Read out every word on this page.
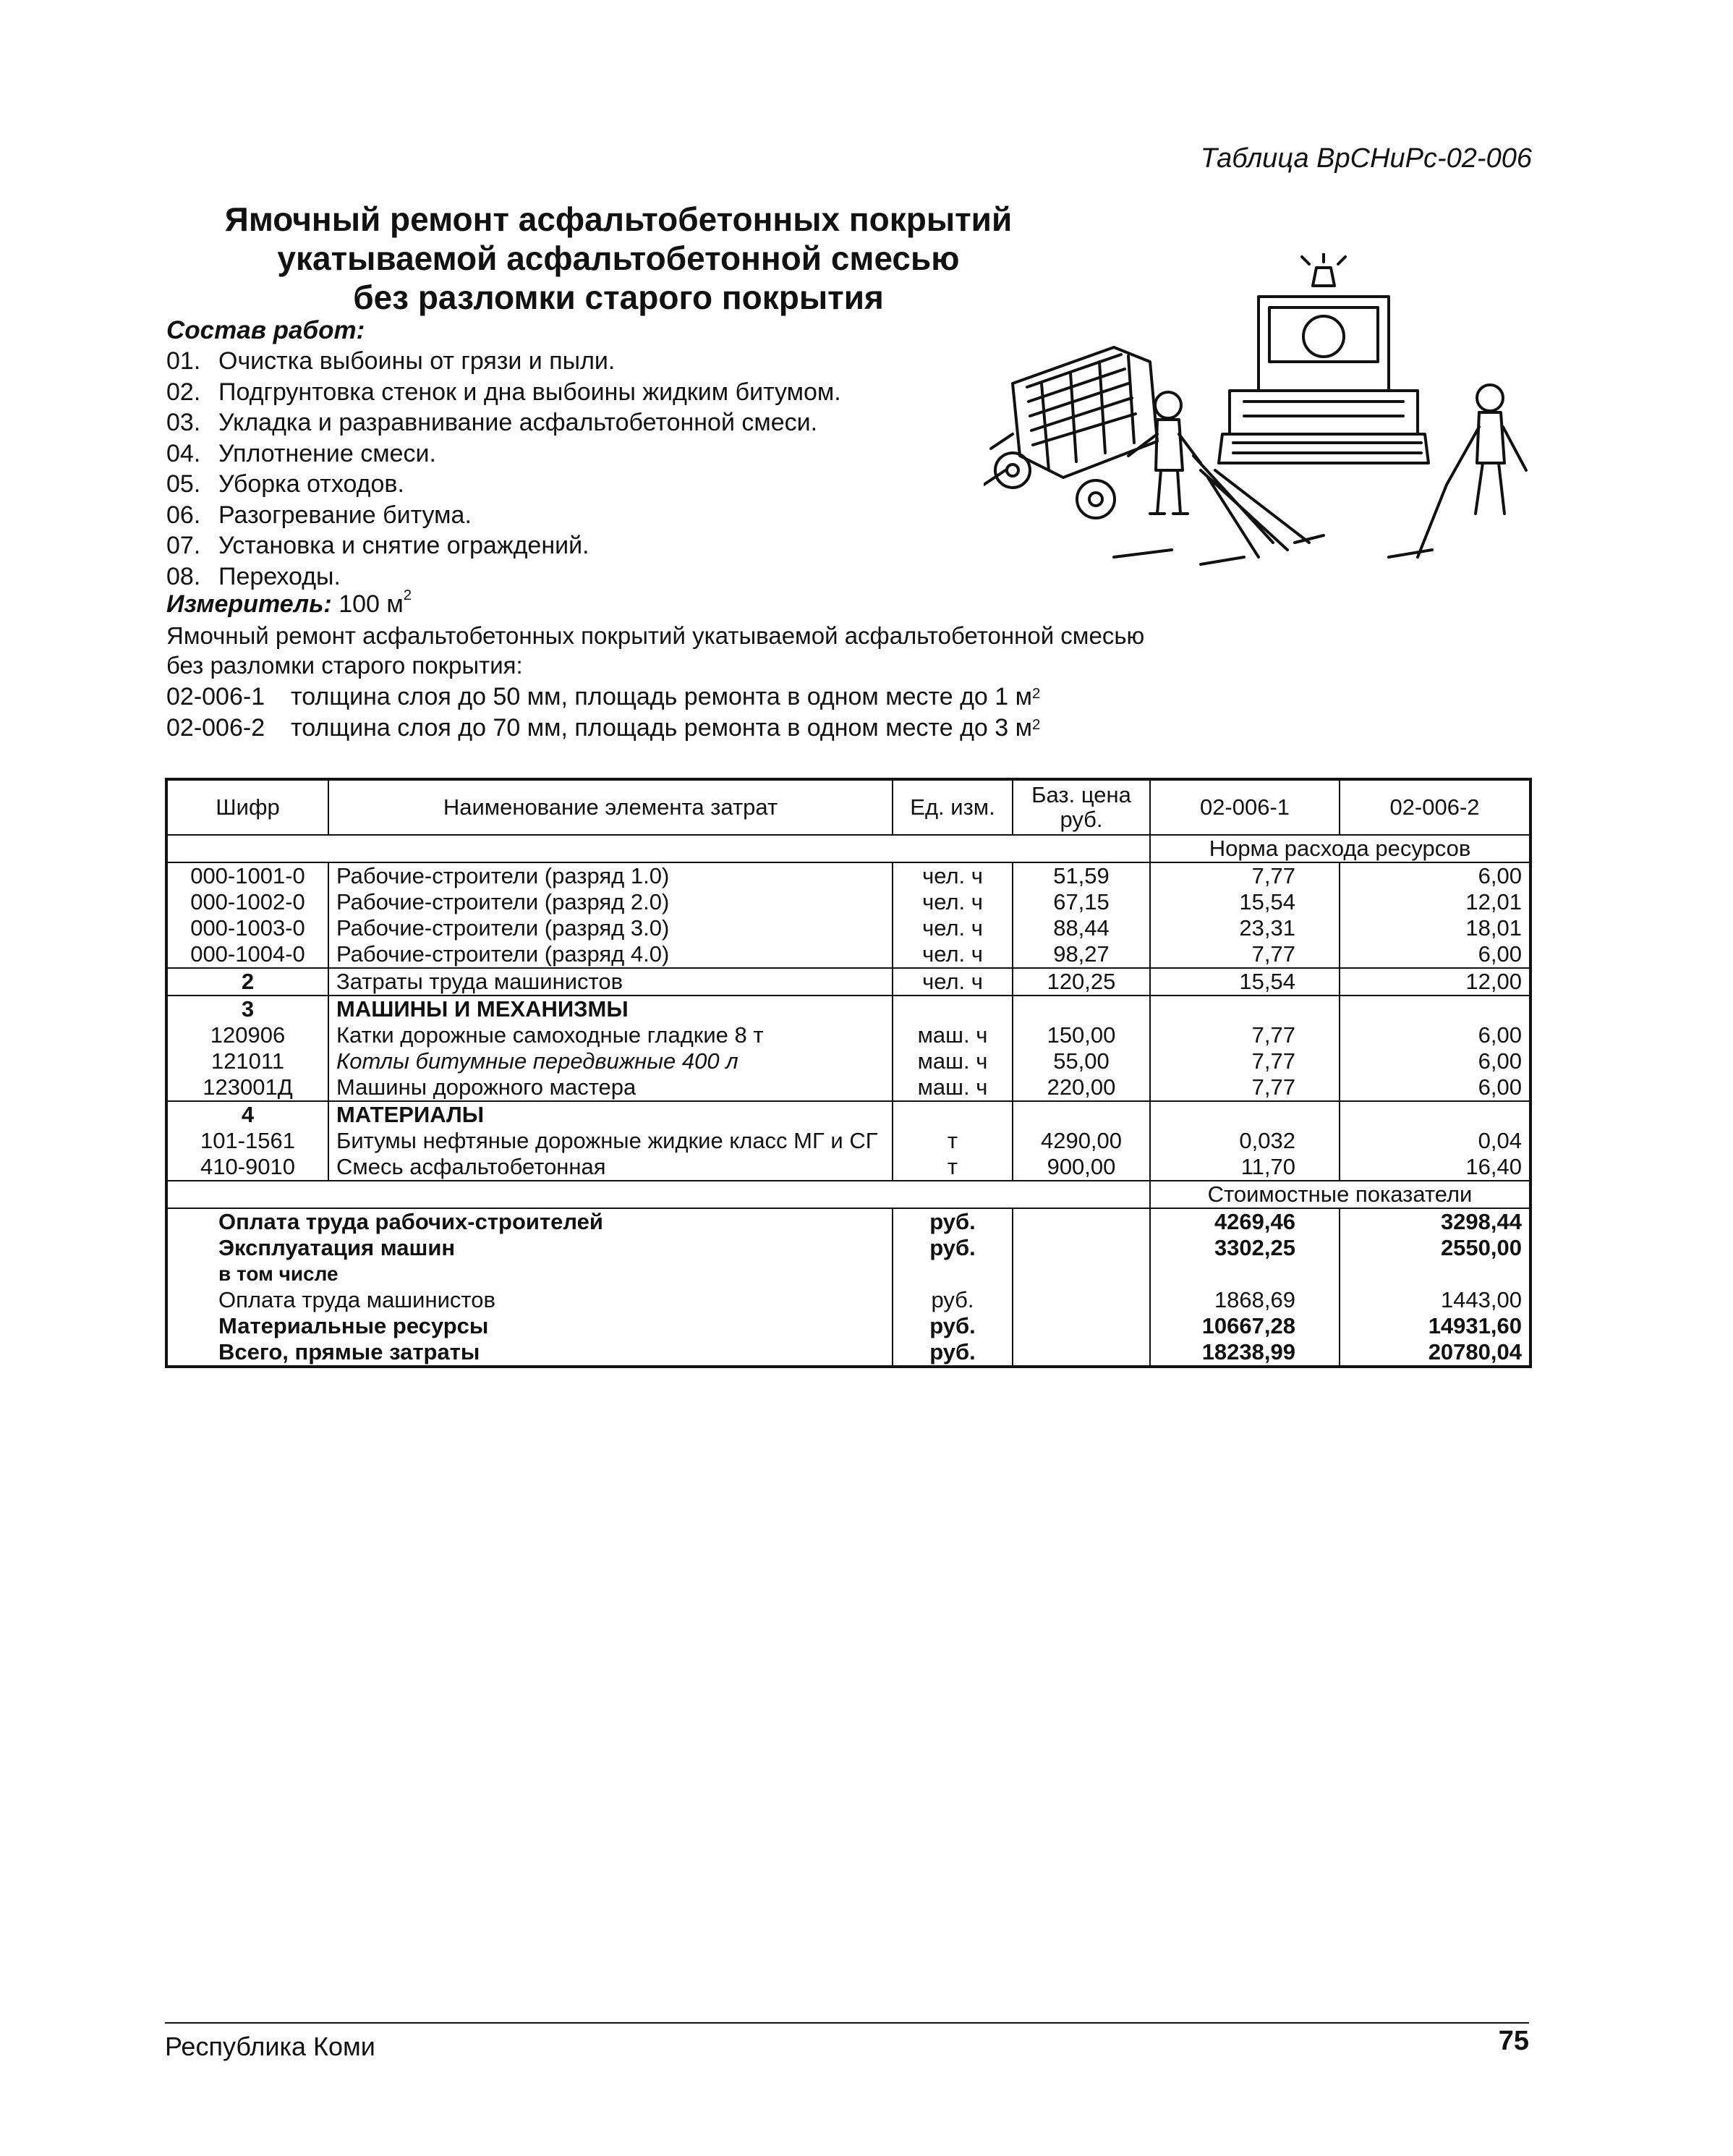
Таблица ВрСНиРс-02-006
Ямочный ремонт асфальтобетонных покрытий
укатываемой асфальтобетонной смесью
без разломки старого покрытия
Состав работ:
01. Очистка выбоины от грязи и пыли.
02. Подгрунтовка стенок и дна выбоины жидким битумом.
03. Укладка и разравнивание асфальтобетонной смеси.
04. Уплотнение смеси.
05. Уборка отходов.
06. Разогревание битума.
07. Установка и снятие ограждений.
08. Переходы.
Измеритель: 100 $м^2$
Ямочный ремонт асфальтобетонных покрытий укатываемой асфальтобетонной смесью без разломки старого покрытия:
02-006-1 толщина слоя до 50 мм, площадь ремонта в одном месте до 1 $м^2$
02-006-2 толщина слоя до 70 мм, площадь ремонта в одном месте до 3 $м^2$
Шифр	Наименование элемента затрат	Ед. изм.	Баз. цена руб.	02-006-1	02-006-2
				Норма расхода ресурсов	
000-1001-0	Рабочие-строители (разряд 1.0)	чел. ч	51,59	7,77	6,00
000-1002-0	Рабочие-строители (разряд 2.0)	чел. ч	67,15	15,54	12,01
000-1003-0	Рабочие-строители (разряд 3.0)	чел. ч	88,44	23,31	18,01
000-1004-0	Рабочие-строители (разряд 4.0)	чел. ч	98,27	7,77	6,00
2	Затраты труда машинистов	чел. ч	120,25	15,54	12,00
3	МАШИНЫ И МЕХАНИЗМЫ				
120906	Катки дорожные самоходные гладкие 8 т	маш. ч	150,00	7,77	6,00
121011	Котлы битумные передвижные 400 л	маш. ч	55,00	7,77	6,00
123001Д	Машины дорожного мастера	маш. ч	220,00	7,77	6,00
4	МАТЕРИАЛЫ				
101-1561	Битумы нефтяные дорожные жидкие класс МГ и СГ	т	4290,00	0,032	0,04
410-9010	Смесь асфальтобетонная	т	900,00	11,70	16,40
				Стоимостные показатели	
Оплата труда рабочих-строителей		руб.		4269,46	3298,44
Эксплуатация машин		руб.		3302,25	2550,00
в том числе					
Оплата труда машинистов		руб.		1868,69	1443,00
Материальные ресурсы		руб.		10667,28	14931,60
Всего, прямые затраты		руб.		18238,99	20780,04
Республика Коми	75
